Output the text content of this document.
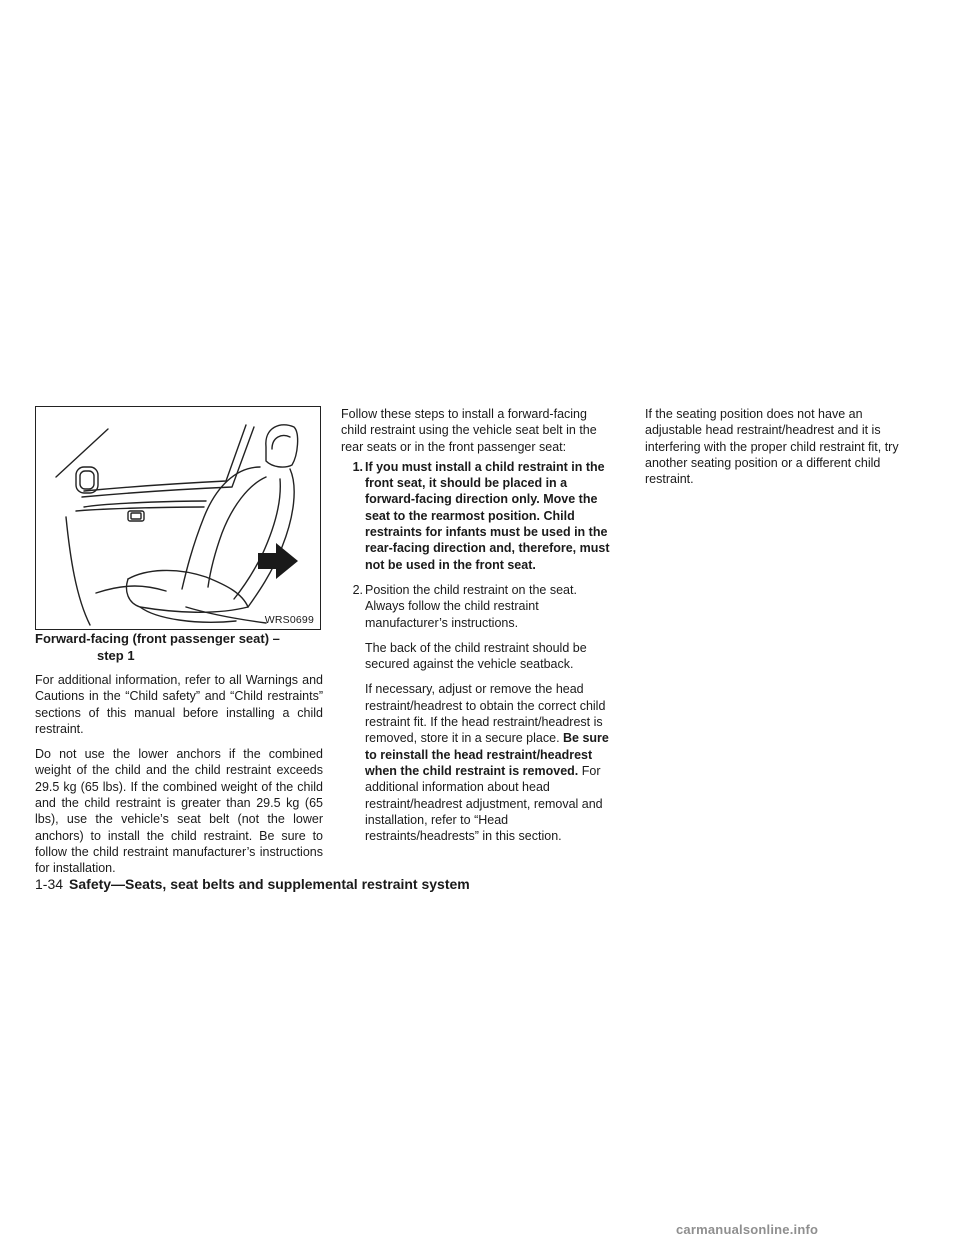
WRS0699
Forward-facing (front passenger seat) –
step 1

For additional information, refer to all Warnings and Cautions in the “Child safety” and “Child restraints” sections of this manual before installing a child restraint.

Do not use the lower anchors if the combined weight of the child and the child restraint exceeds 29.5 kg (65 lbs). If the combined weight of the child and the child restraint is greater than 29.5 kg (65 lbs), use the vehicle’s seat belt (not the lower anchors) to install the child restraint. Be sure to follow the child restraint manufacturer’s instructions for installation.

Follow these steps to install a forward-facing child restraint using the vehicle seat belt in the rear seats or in the front passenger seat:

1. If you must install a child restraint in the front seat, it should be placed in a forward-facing direction only. Move the seat to the rearmost position. Child restraints for infants must be used in the rear-facing direction and, therefore, must not be used in the front seat.
2. Position the child restraint on the seat. Always follow the child restraint manufacturer’s instructions.

The back of the child restraint should be secured against the vehicle seatback.

If necessary, adjust or remove the head restraint/headrest to obtain the correct child restraint fit. If the head restraint/headrest is removed, store it in a secure place. Be sure to reinstall the head restraint/headrest when the child restraint is removed. For additional information about head restraint/headrest adjustment, removal and installation, refer to “Head restraints/headrests” in this section.

If the seating position does not have an adjustable head restraint/headrest and it is interfering with the proper child restraint fit, try another seating position or a different child restraint.

1-34 Safety—Seats, seat belts and supplemental restraint system
carmanualsonline.info
